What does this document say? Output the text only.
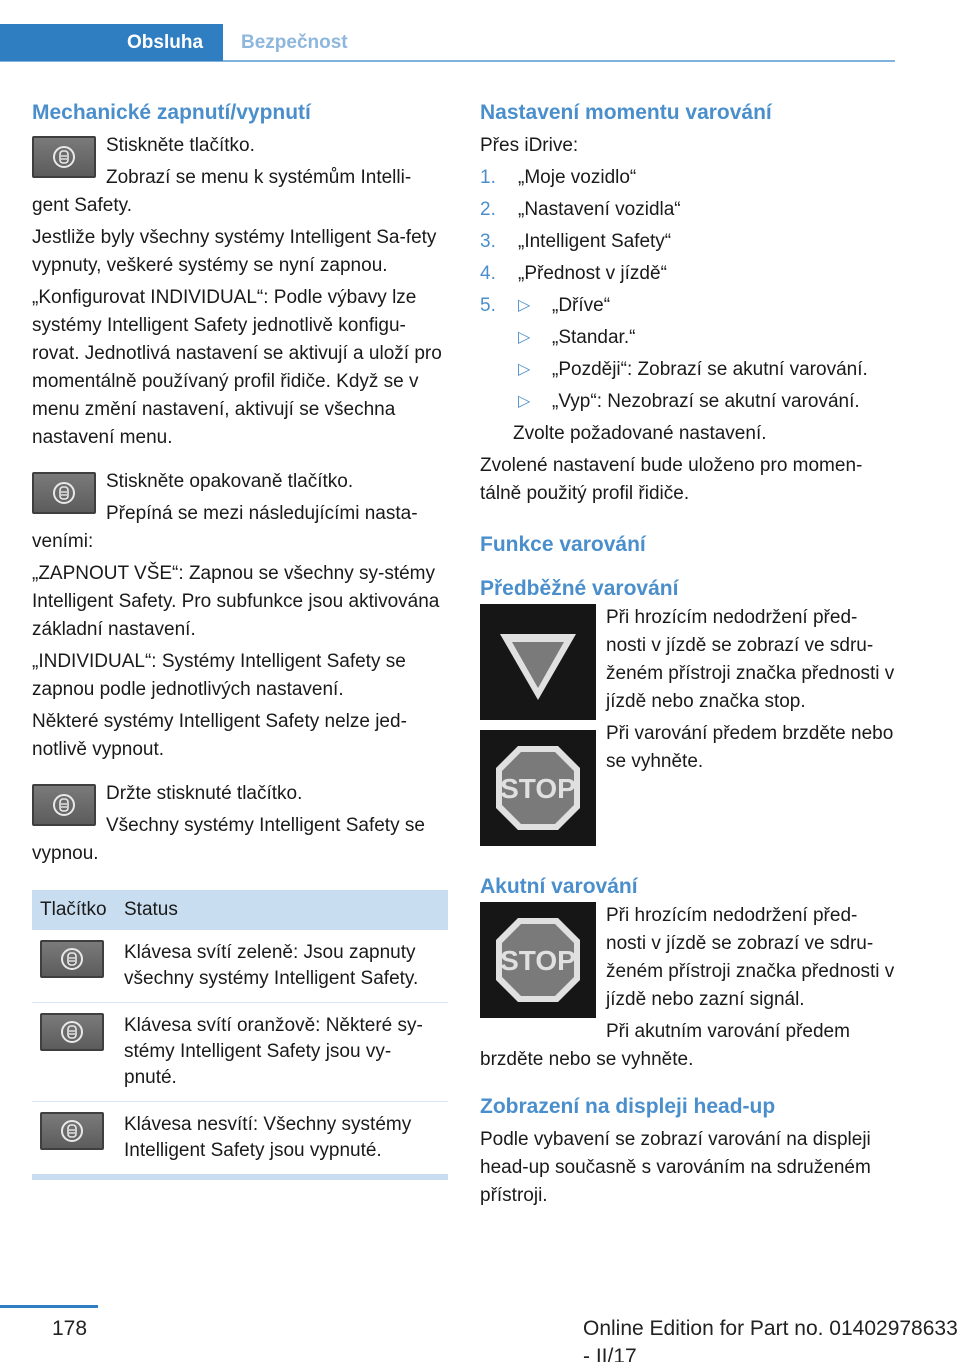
Obsluha	Bezpečnost
Mechanické zapnutí/vypnutí

Stiskněte tlačítko.

Zobrazí se menu k systémům Intelli-

gent Safety.

Jestliže byly všechny systémy Intelligent Sa-fety vypnuty, veškeré systémy se nyní zapnou.

„Konfigurovat INDIVIDUAL“: Podle výbavy lze systémy Intelligent Safety jednotlivě konfigu-rovat. Jednotlivá nastavení se aktivují a uloží pro momentálně používaný profil řidiče. Když se v menu změní nastavení, aktivují se všechna nastavení menu.

Stiskněte opakovaně tlačítko.

Přepíná se mezi následujícími nasta-

veními:

„ZAPNOUT VŠE“: Zapnou se všechny sy-stémy Intelligent Safety. Pro subfunkce jsou aktivována základní nastavení.

„INDIVIDUAL“: Systémy Intelligent Safety se zapnou podle jednotlivých nastavení.

Některé systémy Intelligent Safety nelze jed-notlivě vypnout.

Držte stisknuté tlačítko.

Všechny systémy Intelligent Safety se

vypnou.

Tlačítko	Status

	Klávesa svítí zeleně: Jsou zapnuty všechny systémy Intelligent Safety.

	Klávesa svítí oranžově: Některé sy-stémy Intelligent Safety jsou vy-pnuté.

	Klávesa nesvítí: Všechny systémy Intelligent Safety jsou vypnuté.
Nastavení momentu varování

Přes iDrive:

1. „Moje vozidlo“
2. „Nastavení vozidla“
3. „Intelligent Safety“
4. „Přednost v jízdě“
5. ▷ „Dříve“
▷ „Standar.“
▷ „Později“: Zobrazí se akutní varování.
▷ „Vyp“: Nezobrazí se akutní varování.

Zvolte požadované nastavení.

Zvolené nastavení bude uloženo pro momen-tálně použitý profil řidiče.

Funkce varování
Předběžné varování
STOP

Při hrozícím nedodržení před-nosti v jízdě se zobrazí ve sdru-ženém přístroji značka přednosti v jízdě nebo značka stop.

Při varování předem brzděte nebo se vyhněte.

Akutní varování
STOP

Při hrozícím nedodržení před-nosti v jízdě se zobrazí ve sdru-ženém přístroji značka přednosti v jízdě nebo zazní signál.

Při akutním varování předem

brzděte nebo se vyhněte.

Zobrazení na displeji head-up

Podle vybavení se zobrazí varování na displeji head-up současně s varováním na sdruženém přístroji.

178	Online Edition for Part no. 01402978633 - II/17
